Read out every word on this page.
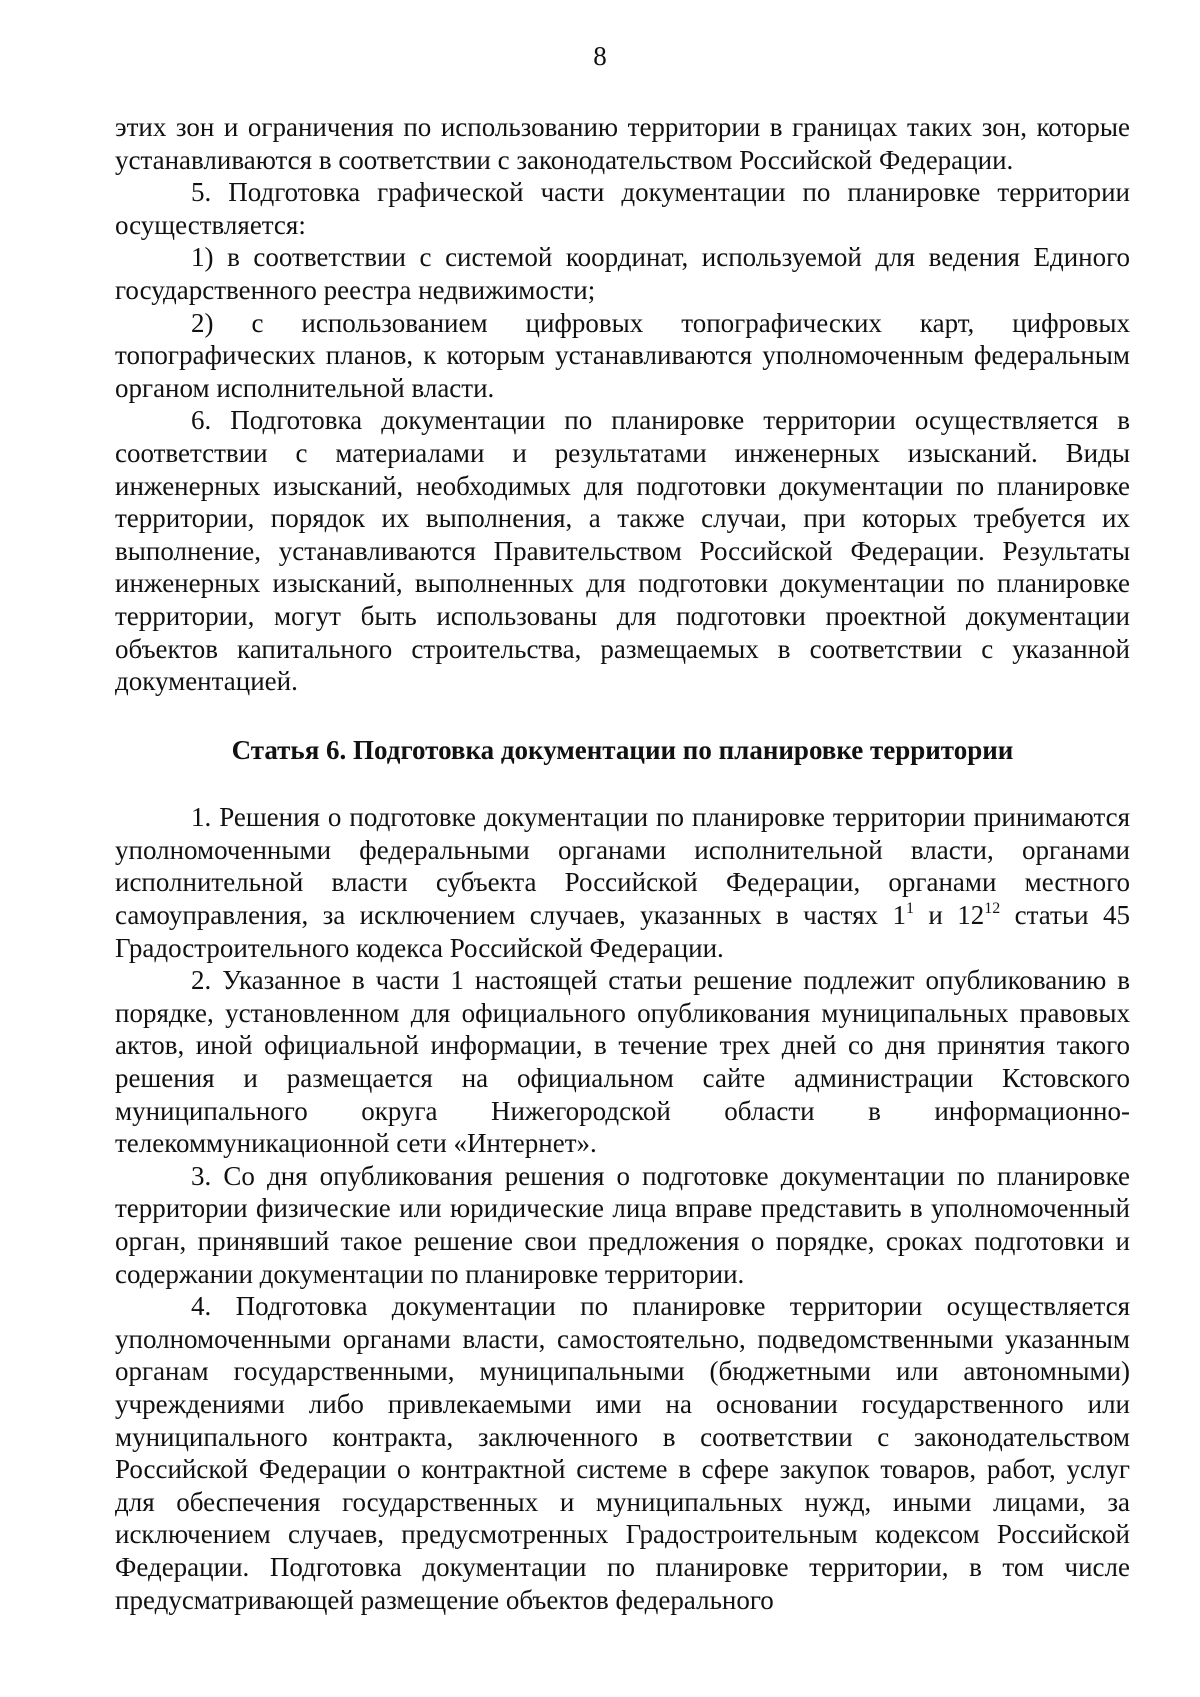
8

этих зон и ограничения по использованию территории в границах таких зон, которые устанавливаются в соответствии с законодательством Российской Федерации.

5. Подготовка графической части документации по планировке территории осуществляется:

1) в соответствии с системой координат, используемой для ведения Единого государственного реестра недвижимости;

2) с использованием цифровых топографических карт, цифровых топографических планов, к которым устанавливаются уполномоченным федеральным органом исполнительной власти.

6. Подготовка документации по планировке территории осуществляется в соответствии с материалами и результатами инженерных изысканий. Виды инженерных изысканий, необходимых для подготовки документации по планировке территории, порядок их выполнения, а также случаи, при которых требуется их выполнение, устанавливаются Правительством Российской Федерации. Результаты инженерных изысканий, выполненных для подготовки документации по планировке территории, могут быть использованы для подготовки проектной документации объектов капитального строительства, размещаемых в соответствии с указанной документацией.

Статья 6. Подготовка документации по планировке территории

1. Решения о подготовке документации по планировке территории принимаются уполномоченными федеральными органами исполнительной власти, органами исполнительной власти субъекта Российской Федерации, органами местного самоуправления, за исключением случаев, указанных в частях $1^1$ и $12^{12}$ статьи 45 Градостроительного кодекса Российской Федерации.

2. Указанное в части 1 настоящей статьи решение подлежит опубликованию в порядке, установленном для официального опубликования муниципальных правовых актов, иной официальной информации, в течение трех дней со дня принятия такого решения и размещается на официальном сайте администрации Кстовского муниципального округа Нижегородской области в информационно-телекоммуникационной сети «Интернет».

3. Со дня опубликования решения о подготовке документации по планировке территории физические или юридические лица вправе представить в уполномоченный орган, принявший такое решение свои предложения о порядке, сроках подготовки и содержании документации по планировке территории.

4. Подготовка документации по планировке территории осуществляется уполномоченными органами власти, самостоятельно, подведомственными указанным органам государственными, муниципальными (бюджетными или автономными) учреждениями либо привлекаемыми ими на основании государственного или муниципального контракта, заключенного в соответствии с законодательством Российской Федерации о контрактной системе в сфере закупок товаров, работ, услуг для обеспечения государственных и муниципальных нужд, иными лицами, за исключением случаев, предусмотренных Градостроительным кодексом Российской Федерации. Подготовка документации по планировке территории, в том числе предусматривающей размещение объектов федерального
